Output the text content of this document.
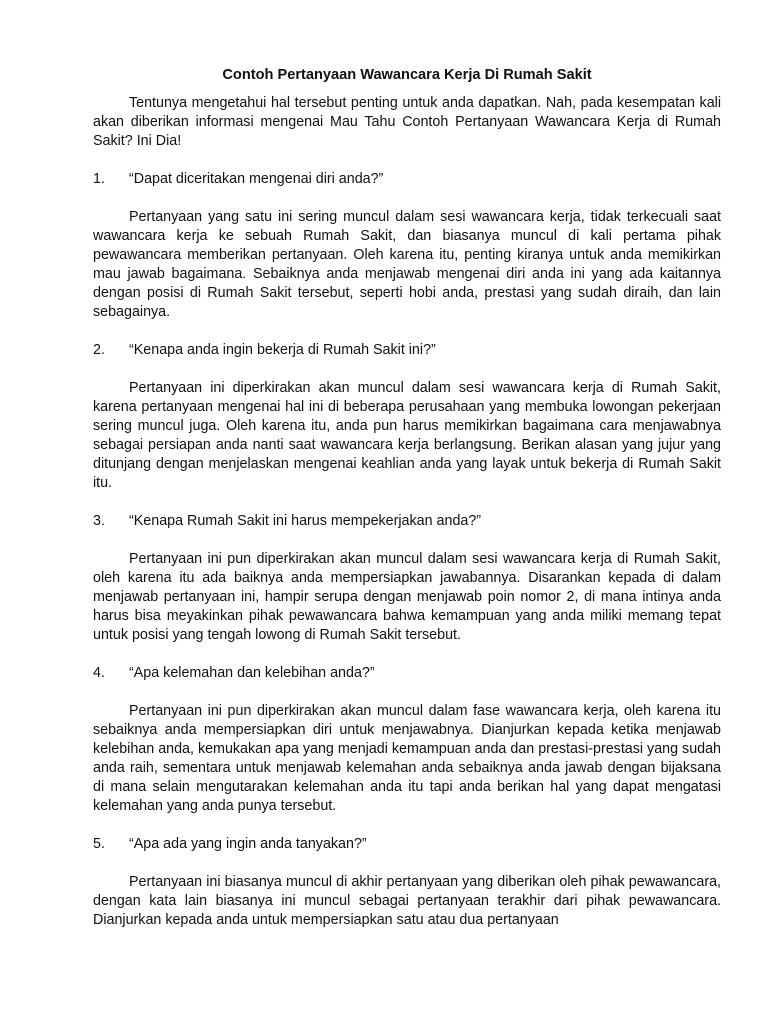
Contoh Pertanyaan Wawancara Kerja Di Rumah Sakit

Tentunya mengetahui hal tersebut penting untuk anda dapatkan. Nah, pada kesempatan kali akan diberikan informasi mengenai Mau Tahu Contoh Pertanyaan Wawancara Kerja di Rumah Sakit? Ini Dia!

1.	“Dapat diceritakan mengenai diri anda?”

Pertanyaan yang satu ini sering muncul dalam sesi wawancara kerja, tidak terkecuali saat wawancara kerja ke sebuah Rumah Sakit, dan biasanya muncul di kali pertama pihak pewawancara memberikan pertanyaan. Oleh karena itu, penting kiranya untuk anda memikirkan mau jawab bagaimana. Sebaiknya anda menjawab mengenai diri anda ini yang ada kaitannya dengan posisi di Rumah Sakit tersebut, seperti hobi anda, prestasi yang sudah diraih, dan lain sebagainya.

2.	“Kenapa anda ingin bekerja di Rumah Sakit ini?”

Pertanyaan ini diperkirakan akan muncul dalam sesi wawancara kerja di Rumah Sakit, karena pertanyaan mengenai hal ini di beberapa perusahaan yang membuka lowongan pekerjaan sering muncul juga. Oleh karena itu, anda pun harus memikirkan bagaimana cara menjawabnya sebagai persiapan anda nanti saat wawancara kerja berlangsung. Berikan alasan yang jujur yang ditunjang dengan menjelaskan mengenai keahlian anda yang layak untuk bekerja di Rumah Sakit itu.

3.	“Kenapa Rumah Sakit ini harus mempekerjakan anda?”

Pertanyaan ini pun diperkirakan akan muncul dalam sesi wawancara kerja di Rumah Sakit, oleh karena itu ada baiknya anda mempersiapkan jawabannya. Disarankan kepada di dalam menjawab pertanyaan ini, hampir serupa dengan menjawab poin nomor 2, di mana intinya anda harus bisa meyakinkan pihak pewawancara bahwa kemampuan yang anda miliki memang tepat untuk posisi yang tengah lowong di Rumah Sakit tersebut.

4.	“Apa kelemahan dan kelebihan anda?”

Pertanyaan ini pun diperkirakan akan muncul dalam fase wawancara kerja, oleh karena itu sebaiknya anda mempersiapkan diri untuk menjawabnya. Dianjurkan kepada ketika menjawab kelebihan anda, kemukakan apa yang menjadi kemampuan anda dan prestasi-prestasi yang sudah anda raih, sementara untuk menjawab kelemahan anda sebaiknya anda jawab dengan bijaksana di mana selain mengutarakan kelemahan anda itu tapi anda berikan hal yang dapat mengatasi kelemahan yang anda punya tersebut.

5.	“Apa ada yang ingin anda tanyakan?”

Pertanyaan ini biasanya muncul di akhir pertanyaan yang diberikan oleh pihak pewawancara, dengan kata lain biasanya ini muncul sebagai pertanyaan terakhir dari pihak pewawancara. Dianjurkan kepada anda untuk mempersiapkan satu atau dua pertanyaan
